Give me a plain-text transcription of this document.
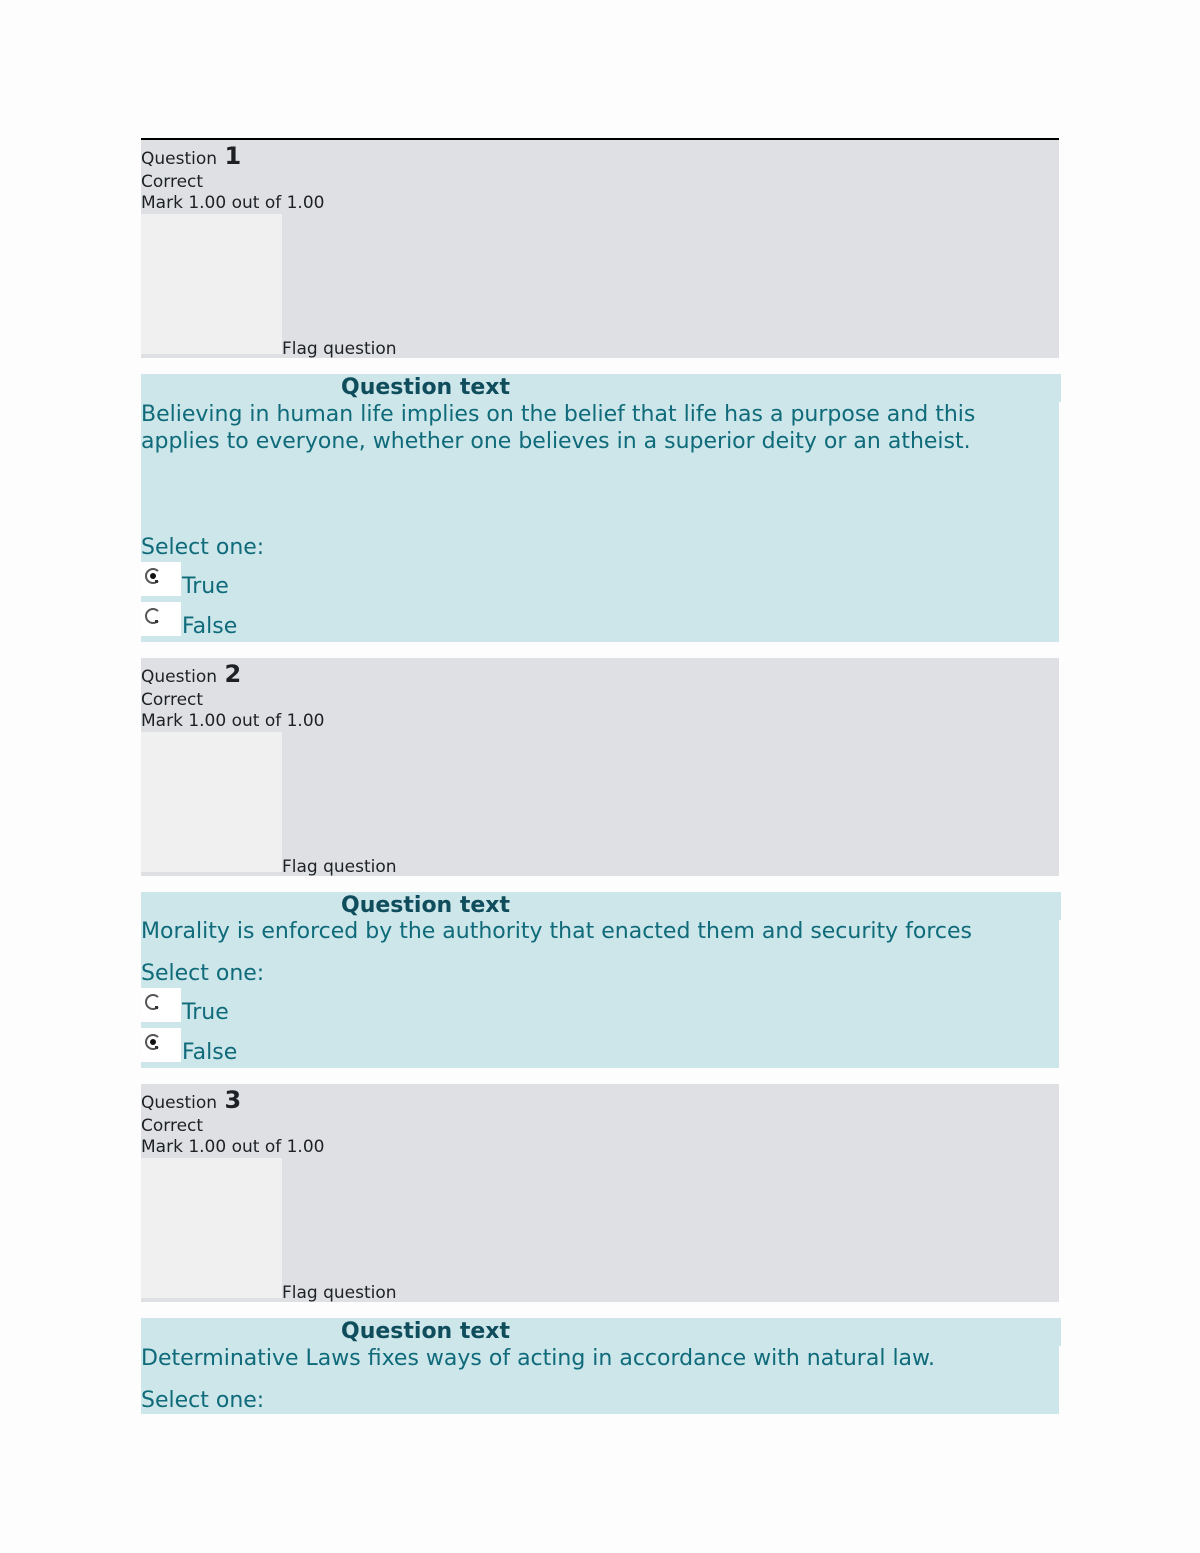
Question 1
Correct
Mark 1.00 out of 1.00
Flag question
Question text
Believing in human life implies on the belief that life has a purpose and this applies to everyone, whether one believes in a superior deity or an atheist.
Select one:
True
False
Question 2
Correct
Mark 1.00 out of 1.00
Flag question
Question text
Morality is enforced by the authority that enacted them and security forces
Select one:
True
False
Question 3
Correct
Mark 1.00 out of 1.00
Flag question
Question text
Determinative Laws fixes ways of acting in accordance with natural law.
Select one:
